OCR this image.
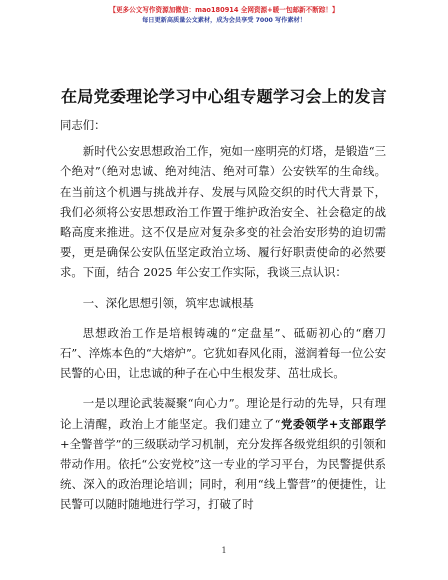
【更多公文写作资源加微信：mao180914 全网资源+暖一包邮新不断踪！】
每日更新高质量公文素材，成为会员享受 7000 写作素材！
在局党委理论学习中心组专题学习会上的发言

同志们：

新时代公安思想政治工作，宛如一座明亮的灯塔，是锻造“三个绝对”（绝对忠诚、绝对纯洁、绝对可靠）公安铁军的生命线。在当前这个机遇与挑战并存、发展与风险交织的时代大背景下，我们必须将公安思想政治工作置于维护政治安全、社会稳定的战略高度来推进。这不仅是应对复杂多变的社会治安形势的迫切需要，更是确保公安队伍坚定政治立场、履行好职责使命的必然要求。下面，结合 2025 年公安工作实际，我谈三点认识：

一、深化思想引领，筑牢忠诚根基

思想政治工作是培根铸魂的“定盘星”、砥砺初心的“磨刀石”、淬炼本色的“大熔炉”。它犹如春风化雨，滋润着每一位公安民警的心田，让忠诚的种子在心中生根发芽、茁壮成长。

一是以理论武装凝聚“向心力”。理论是行动的先导，只有理论上清醒，政治上才能坚定。我们建立了“党委领学+支部跟学+全警普学”的三级联动学习机制，充分发挥各级党组织的引领和带动作用。依托“公安党校”这一专业的学习平台，为民警提供系统、深入的政治理论培训；同时，利用“线上警营”的便捷性，让民警可以随时随地进行学习，打破了时

1
